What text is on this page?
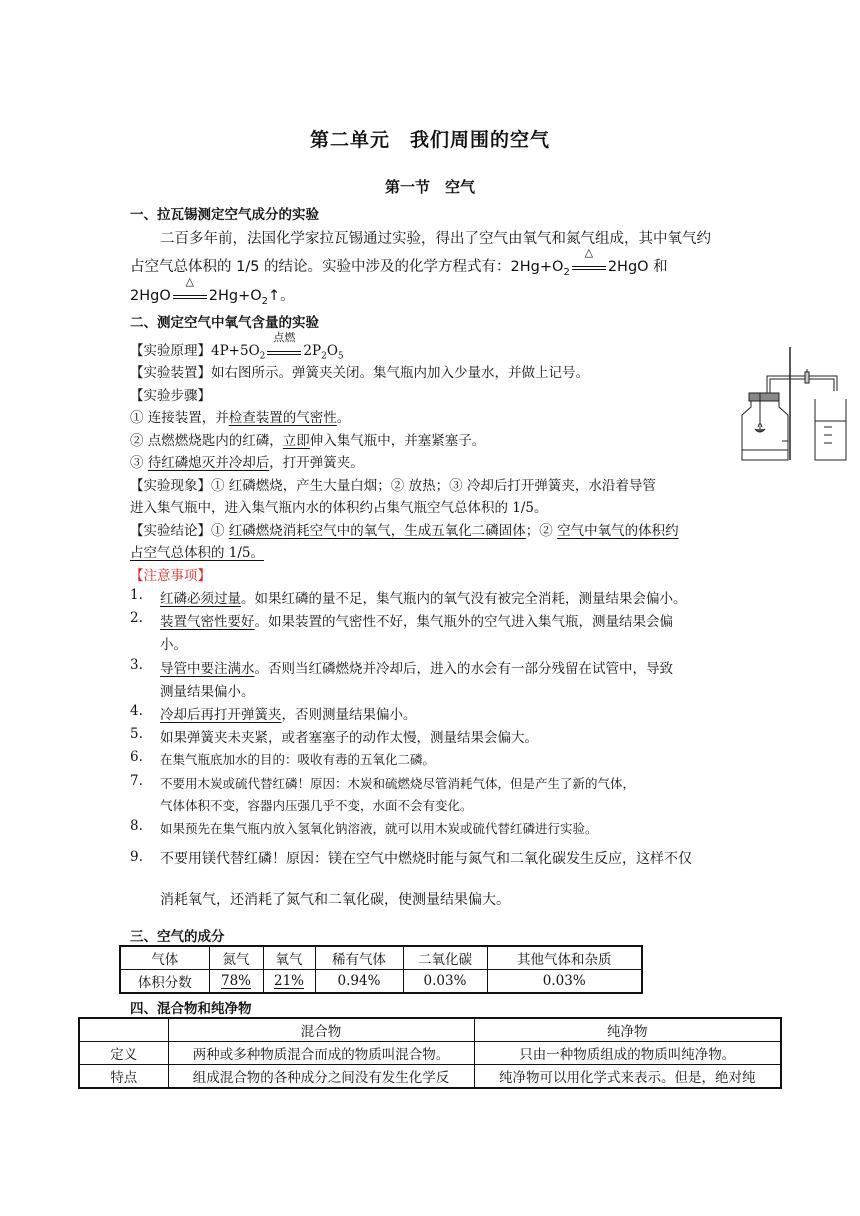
第二单元　我们周围的空气
第一节　空气
一、拉瓦锡测定空气成分的实验
二百多年前，法国化学家拉瓦锡通过实验，得出了空气由氧气和氮气组成，其中氧气约
占空气总体积的 1/5 的结论。实验中涉及的化学方程式有：$2Hg+O_2$
△
2HgO 和
2HgO
△
$2Hg+O_2↑$。
二、测定空气中氧气含量的实验
【实验原理】$4P+5O_2$
点燃
$2P_2O_5$
【实验装置】如右图所示。弹簧夹关闭。集气瓶内加入少量水，并做上记号。
【实验步骤】
① 连接装置，并检查装置的气密性。
② 点燃燃烧匙内的红磷，立即伸入集气瓶中，并塞紧塞子。
③ 待红磷熄灭并冷却后，打开弹簧夹。
【实验现象】① 红磷燃烧，产生大量白烟；② 放热；③ 冷却后打开弹簧夹，水沿着导管
进入集气瓶中，进入集气瓶内水的体积约占集气瓶空气总体积的 1/5。
【实验结论】① 红磷燃烧消耗空气中的氧气，生成五氧化二磷固体；② 空气中氧气的体积约
占空气总体积的 1/5。
【注意事项】
1. 红磷必须过量。如果红磷的量不足，集气瓶内的氧气没有被完全消耗，测量结果会偏小。
2. 装置气密性要好。如果装置的气密性不好，集气瓶外的空气进入集气瓶，测量结果会偏
小。
3. 导管中要注满水。否则当红磷燃烧并冷却后，进入的水会有一部分残留在试管中，导致
测量结果偏小。
4. 冷却后再打开弹簧夹，否则测量结果偏小。
5. 如果弹簧夹未夹紧，或者塞塞子的动作太慢，测量结果会偏大。
6. 在集气瓶底加水的目的：吸收有毒的五氧化二磷。
7. 不要用木炭或硫代替红磷！原因：木炭和硫燃烧尽管消耗气体，但是产生了新的气体，
气体体积不变，容器内压强几乎不变，水面不会有变化。
8. 如果预先在集气瓶内放入氢氧化钠溶液，就可以用木炭或硫代替红磷进行实验。
9. 不要用镁代替红磷！原因：镁在空气中燃烧时能与氮气和二氧化碳发生反应，这样不仅
消耗氧气，还消耗了氮气和二氧化碳，使测量结果偏大。
三、空气的成分
气体	氮气	氧气	稀有气体	二氧化碳	其他气体和杂质
体积分数	78%	21%	0.94%	0.03%	0.03%
四、混合物和纯净物
	混合物	纯净物
定义	两种或多种物质混合而成的物质叫混合物。	只由一种物质组成的物质叫纯净物。
特点	组成混合物的各种成分之间没有发生化学反	纯净物可以用化学式来表示。但是，绝对纯
